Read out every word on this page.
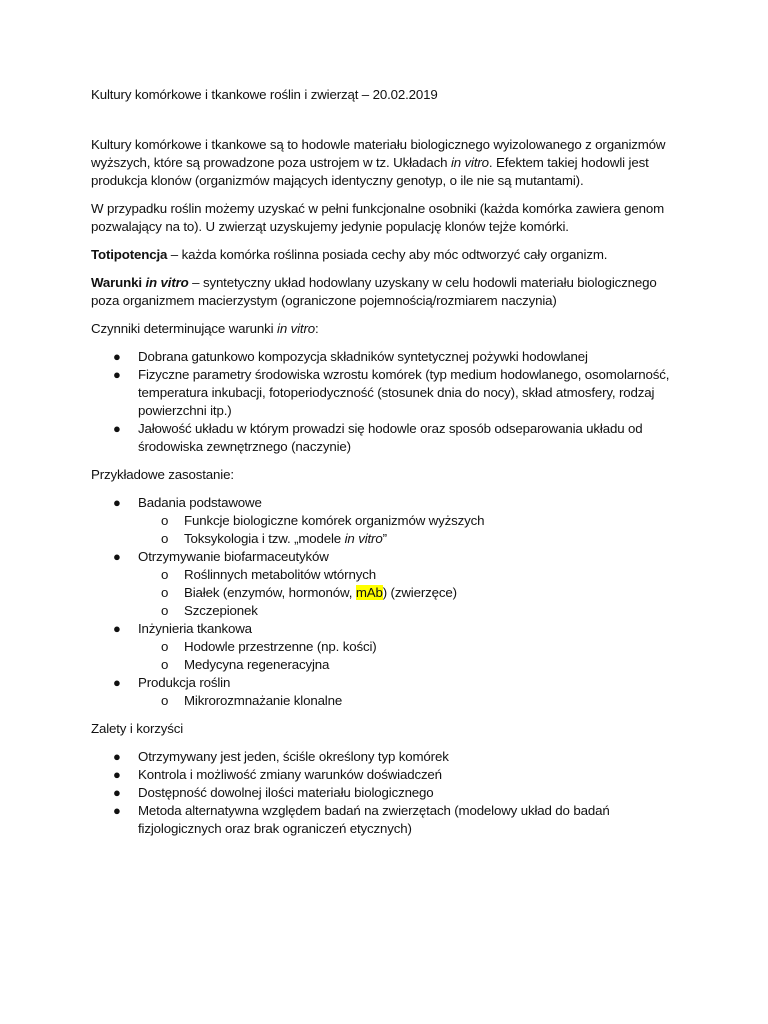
Kultury komórkowe i tkankowe roślin i zwierząt – 20.02.2019

Kultury komórkowe i tkankowe są to hodowle materiału biologicznego wyizolowanego z organizmów wyższych, które są prowadzone poza ustrojem w tz. Układach in vitro. Efektem takiej hodowli jest produkcja klonów (organizmów mających identyczny genotyp, o ile nie są mutantami).

W przypadku roślin możemy uzyskać w pełni funkcjonalne osobniki (każda komórka zawiera genom pozwalający na to). U zwierząt uzyskujemy jedynie populację klonów tejże komórki.

Totipotencja – każda komórka roślinna posiada cechy aby móc odtworzyć cały organizm.

Warunki in vitro – syntetyczny układ hodowlany uzyskany w celu hodowli materiału biologicznego poza organizmem macierzystym (ograniczone pojemnością/rozmiarem naczynia)

Czynniki determinujące warunki in vitro:

● Dobrana gatunkowo kompozycja składników syntetycznej pożywki hodowlanej
● Fizyczne parametry środowiska wzrostu komórek (typ medium hodowlanego, osomolarność, temperatura inkubacji, fotoperiodyczność (stosunek dnia do nocy), skład atmosfery, rodzaj powierzchni itp.)
● Jałowość układu w którym prowadzi się hodowle oraz sposób odseparowania układu od środowiska zewnętrznego (naczynie)

Przykładowe zasostanie:

● Badania podstawowe
o Funkcje biologiczne komórek organizmów wyższych
o Toksykologia i tzw. „modele in vitro”
● Otrzymywanie biofarmaceutyków
o Roślinnych metabolitów wtórnych
o Białek (enzymów, hormonów, mAb) (zwierzęce)
o Szczepionek
● Inżynieria tkankowa
o Hodowle przestrzenne (np. kości)
o Medycyna regeneracyjna
● Produkcja roślin
o Mikrorozmnażanie klonalne

Zalety i korzyści

● Otrzymywany jest jeden, ściśle określony typ komórek
● Kontrola i możliwość zmiany warunków doświadczeń
● Dostępność dowolnej ilości materiału biologicznego
● Metoda alternatywna względem badań na zwierzętach (modelowy układ do badań fizjologicznych oraz brak ograniczeń etycznych)
